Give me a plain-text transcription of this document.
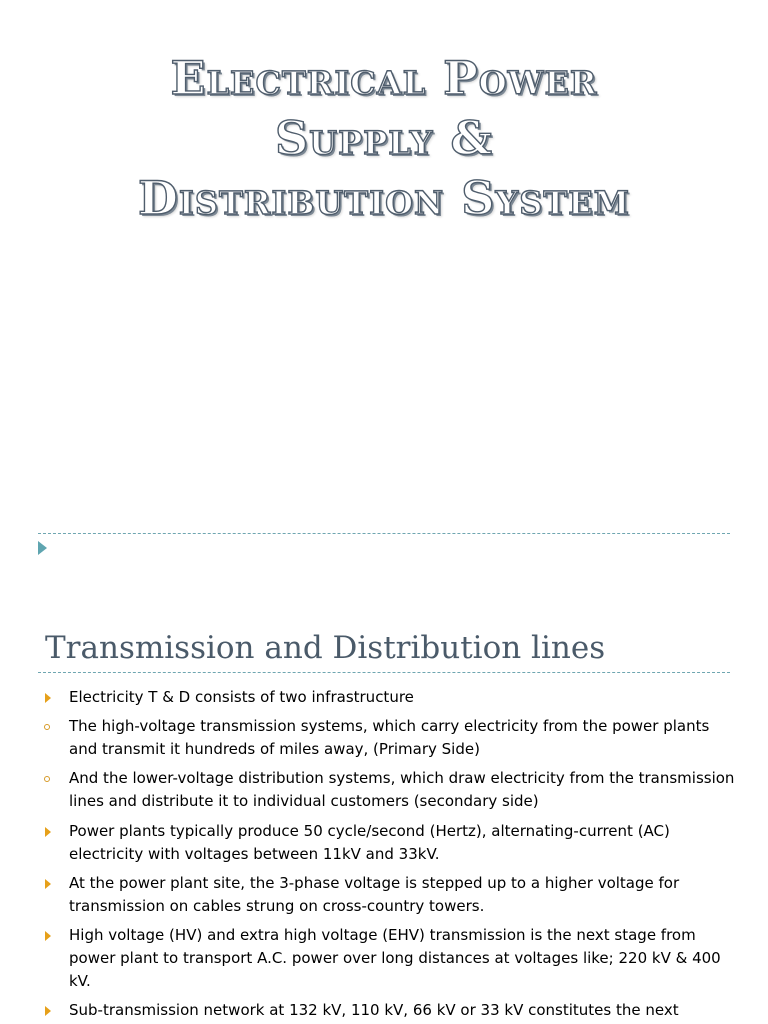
Electrical Power
Supply &
Distribution System
Transmission and Distribution lines
Electricity T & D consists of two infrastructure
The high-voltage transmission systems, which carry electricity from the power plants and transmit it hundreds of miles away, (Primary Side)
And the lower-voltage distribution systems, which draw electricity from the transmission lines and distribute it to individual customers (secondary side)
Power plants typically produce 50 cycle/second (Hertz), alternating-current (AC) electricity with voltages between 11kV and 33kV.
At the power plant site, the 3-phase voltage is stepped up to a higher voltage for transmission on cables strung on cross-country towers.
High voltage (HV) and extra high voltage (EHV) transmission is the next stage from power plant to transport A.C. power over long distances at voltages like; 220 kV & 400 kV.
Sub-transmission network at 132 kV, 110 kV, 66 kV or 33 kV constitutes the next
